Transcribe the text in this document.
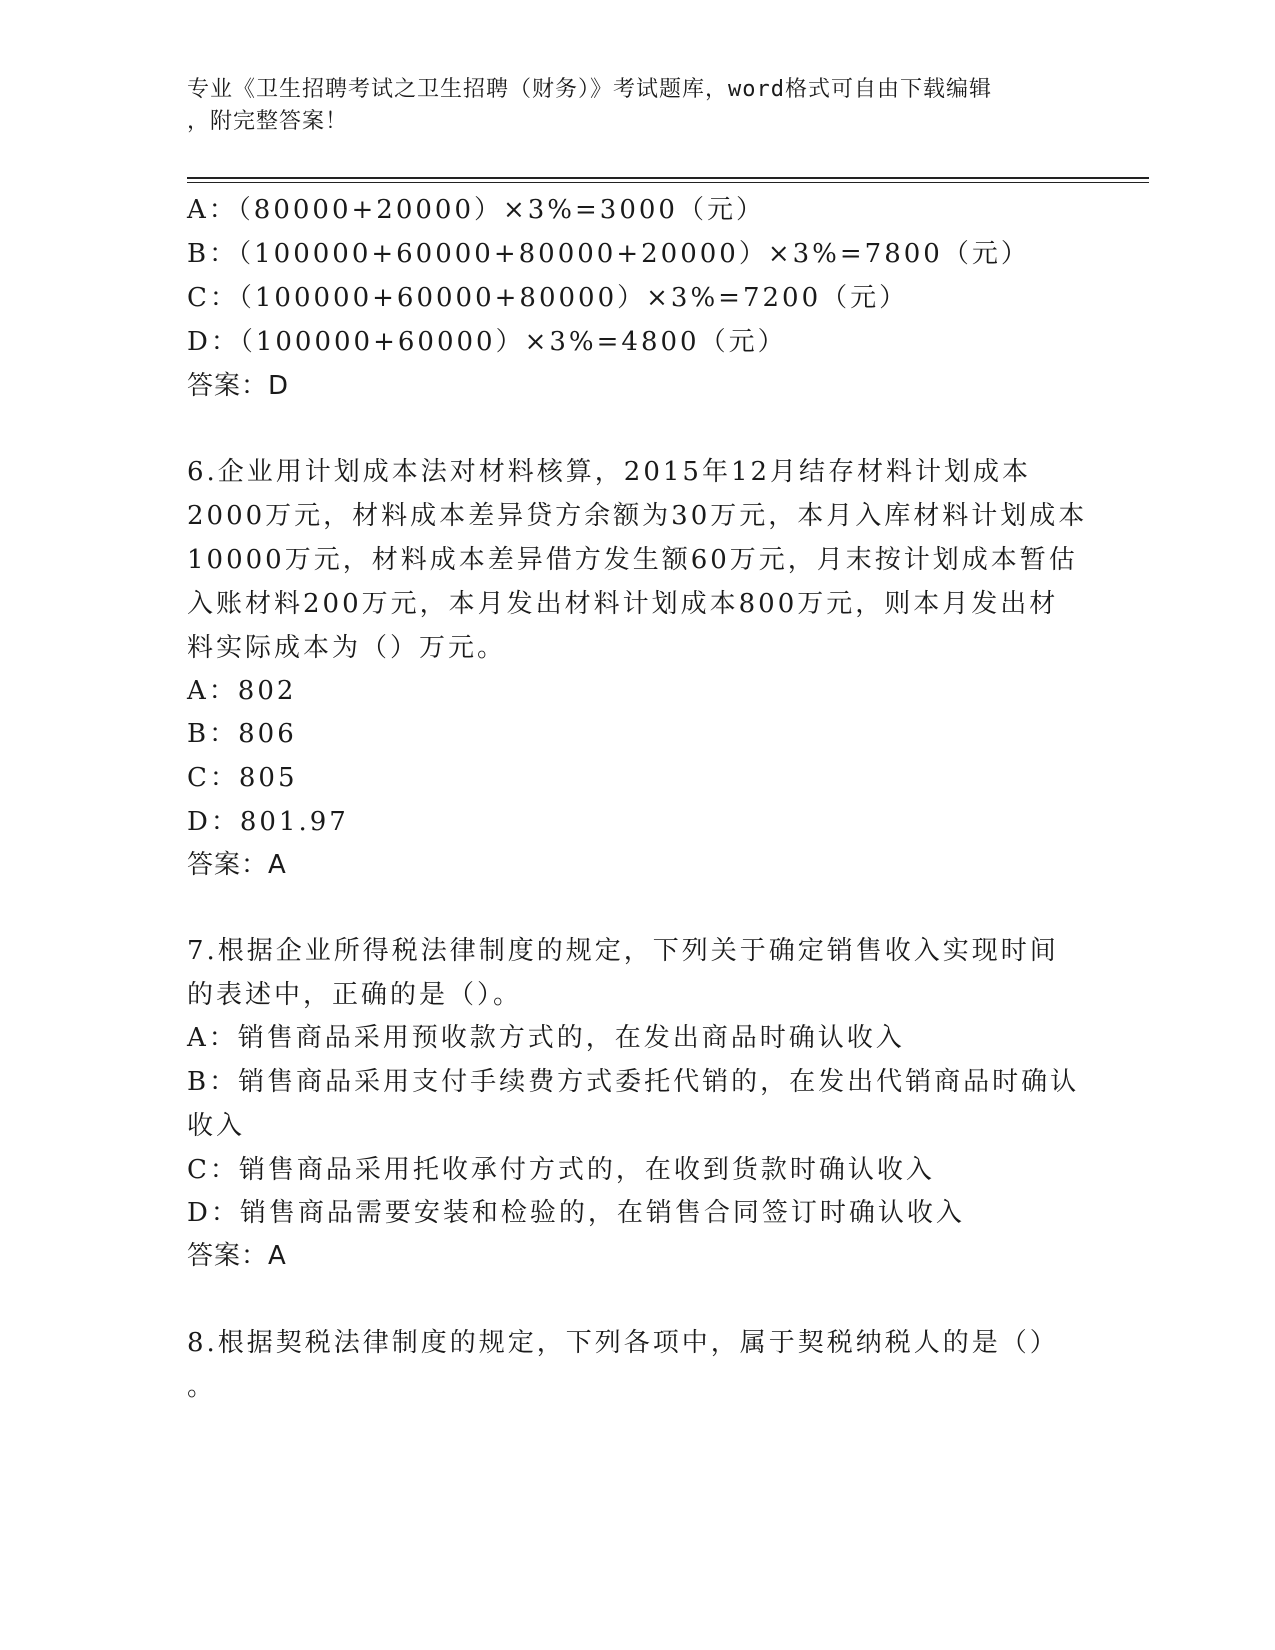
专业《卫生招聘考试之卫生招聘（财务）》考试题库，word格式可自由下载编辑
，附完整答案！
A：（80000+20000）×3%=3000（元）
B：（100000+60000+80000+20000）×3%=7800（元）
C：（100000+60000+80000）×3%=7200（元）
D：（100000+60000）×3%=4800（元）
答案：D
6.企业用计划成本法对材料核算，2015年12月结存材料计划成本
2000万元，材料成本差异贷方余额为30万元，本月入库材料计划成本
10000万元，材料成本差异借方发生额60万元，月末按计划成本暂估
入账材料200万元，本月发出材料计划成本800万元，则本月发出材
料实际成本为（）万元。
A：802
B：806
C：805
D：801.97
答案：A
7.根据企业所得税法律制度的规定，下列关于确定销售收入实现时间
的表述中，正确的是（）。
A：销售商品采用预收款方式的，在发出商品时确认收入
B：销售商品采用支付手续费方式委托代销的，在发出代销商品时确认
收入
C：销售商品采用托收承付方式的，在收到货款时确认收入
D：销售商品需要安装和检验的，在销售合同签订时确认收入
答案：A
8.根据契税法律制度的规定，下列各项中，属于契税纳税人的是（）
。
